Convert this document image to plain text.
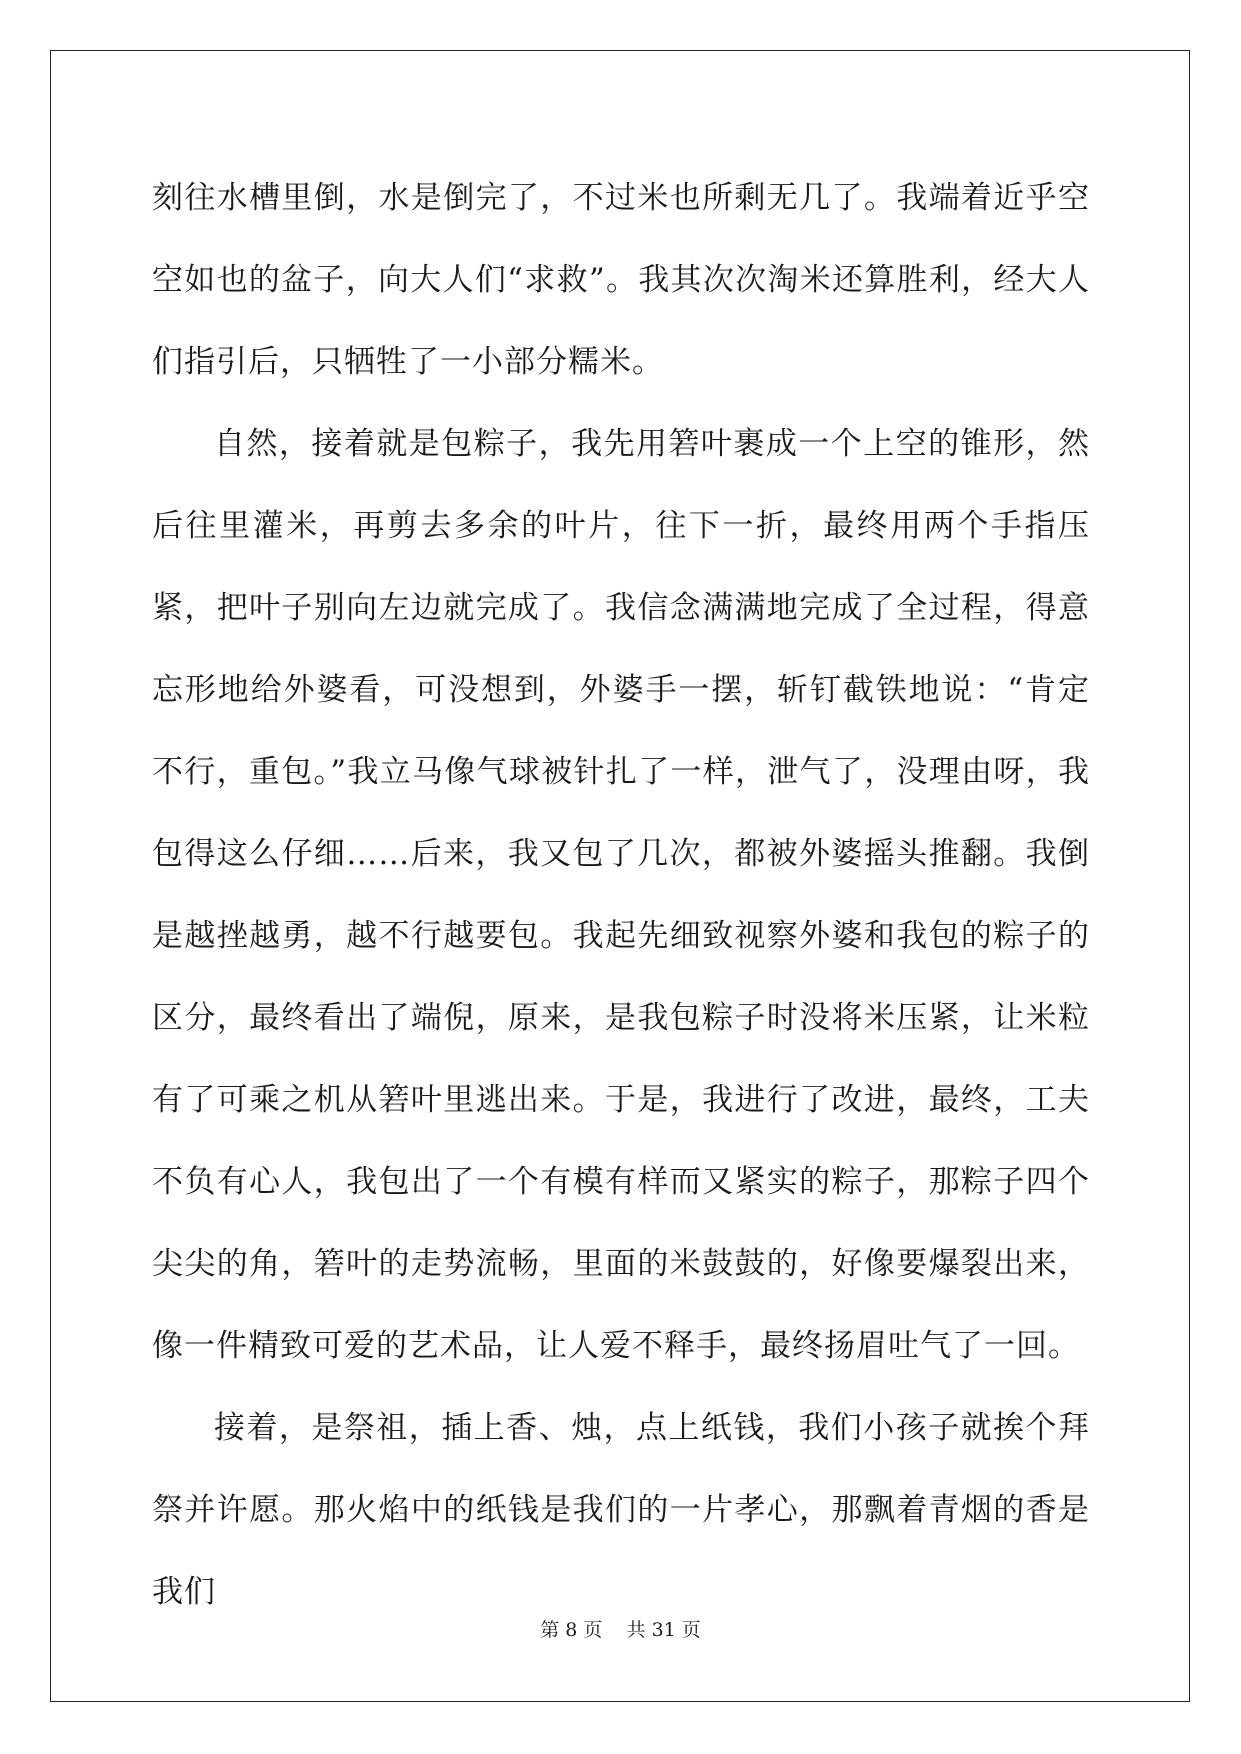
刻往水槽里倒，水是倒完了，不过米也所剩无几了。我端着近乎空空如也的盆子，向大人们“求救”。我其次次淘米还算胜利，经大人们指引后，只牺牲了一小部分糯米。

自然，接着就是包粽子，我先用箬叶裹成一个上空的锥形，然后往里灌米，再剪去多余的叶片，往下一折，最终用两个手指压紧，把叶子别向左边就完成了。我信念满满地完成了全过程，得意忘形地给外婆看，可没想到，外婆手一摆，斩钉截铁地说：“肯定不行，重包。”我立马像气球被针扎了一样，泄气了，没理由呀，我包得这么仔细……后来，我又包了几次，都被外婆摇头推翻。我倒是越挫越勇，越不行越要包。我起先细致视察外婆和我包的粽子的区分，最终看出了端倪，原来，是我包粽子时没将米压紧，让米粒有了可乘之机从箬叶里逃出来。于是，我进行了改进，最终，工夫不负有心人，我包出了一个有模有样而又紧实的粽子，那粽子四个尖尖的角，箬叶的走势流畅，里面的米鼓鼓的，好像要爆裂出来，像一件精致可爱的艺术品，让人爱不释手，最终扬眉吐气了一回。

接着，是祭祖，插上香、烛，点上纸钱，我们小孩子就挨个拜祭并许愿。那火焰中的纸钱是我们的一片孝心，那飘着青烟的香是我们

第 8 页    共 31 页
